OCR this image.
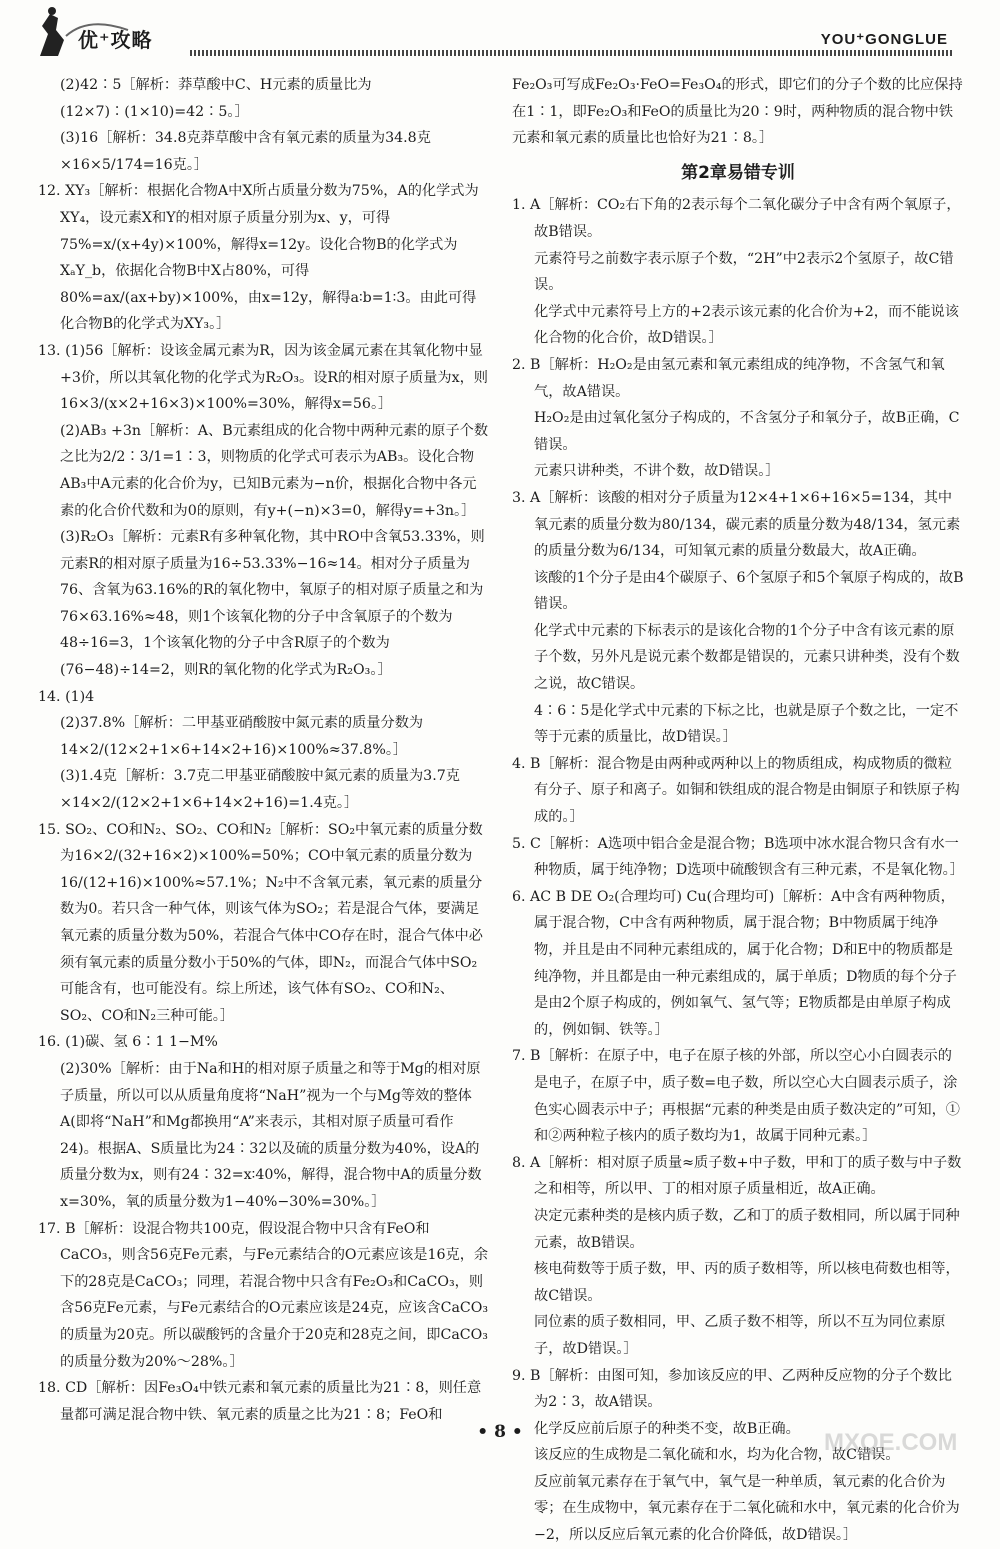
优⁺攻略	YOU⁺GONGLUE

(2)42∶5［解析：莽草酸中C、H元素的质量比为(12×7)∶(1×10)=42∶5。］

(3)16［解析：34.8克莽草酸中含有氧元素的质量为34.8克×16×5/174=16克。］

12. XY₃［解析：根据化合物A中X所占质量分数为75%，A的化学式为XY₄，设元素X和Y的相对原子质量分别为x、y，可得75%=x/(x+4y)×100%，解得x=12y。设化合物B的化学式为XₐY_b，依据化合物B中X占80%，可得80%=ax/(ax+by)×100%，由x=12y，解得a∶b=1∶3。由此可得化合物B的化学式为XY₃。］

13. (1)56［解析：设该金属元素为R，因为该金属元素在其氧化物中显+3价，所以其氧化物的化学式为R₂O₃。设R的相对原子质量为x，则16×3/(x×2+16×3)×100%=30%，解得x=56。］

(2)AB₃ +3n［解析：A、B元素组成的化合物中两种元素的原子个数之比为2/2∶3/1=1∶3，则物质的化学式可表示为AB₃。设化合物AB₃中A元素的化合价为y，已知B元素为−n价，根据化合物中各元素的化合价代数和为0的原则，有y+(−n)×3=0，解得y=+3n。］

(3)R₂O₃［解析：元素R有多种氧化物，其中RO中含氧53.33%，则元素R的相对原子质量为16÷53.33%−16≈14。相对分子质量为76、含氧为63.16%的R的氧化物中，氧原子的相对原子质量之和为76×63.16%≈48，则1个该氧化物的分子中含氧原子的个数为48÷16=3，1个该氧化物的分子中含R原子的个数为(76−48)÷14=2，则R的氧化物的化学式为R₂O₃。］

14. (1)4

(2)37.8%［解析：二甲基亚硝酸胺中氮元素的质量分数为14×2/(12×2+1×6+14×2+16)×100%≈37.8%。］

(3)1.4克［解析：3.7克二甲基亚硝酸胺中氮元素的质量为3.7克×14×2/(12×2+1×6+14×2+16)=1.4克。］

15. SO₂、CO和N₂、SO₂、CO和N₂［解析：SO₂中氧元素的质量分数为16×2/(32+16×2)×100%=50%；CO中氧元素的质量分数为16/(12+16)×100%≈57.1%；N₂中不含氧元素，氧元素的质量分数为0。若只含一种气体，则该气体为SO₂；若是混合气体，要满足氧元素的质量分数为50%，若混合气体中CO存在时，混合气体中必须有氧元素的质量分数小于50%的气体，即N₂，而混合气体中SO₂可能含有，也可能没有。综上所述，该气体有SO₂、CO和N₂、SO₂、CO和N₂三种可能。］

16. (1)碳、氢 6∶1 1−M%

(2)30%［解析：由于Na和H的相对原子质量之和等于Mg的相对原子质量，所以可以从质量角度将“NaH”视为一个与Mg等效的整体A(即将“NaH”和Mg都换用“A”来表示，其相对原子质量可看作24)。根据A、S质量比为24∶32以及硫的质量分数为40%，设A的质量分数为x，则有24∶32=x∶40%，解得，混合物中A的质量分数x=30%，氧的质量分数为1−40%−30%=30%。］

17. B［解析：设混合物共100克，假设混合物中只含有FeO和CaCO₃，则含56克Fe元素，与Fe元素结合的O元素应该是16克，余下的28克是CaCO₃；同理，若混合物中只含有Fe₂O₃和CaCO₃，则含56克Fe元素，与Fe元素结合的O元素应该是24克，应该含CaCO₃的质量为20克。所以碳酸钙的含量介于20克和28克之间，即CaCO₃的质量分数为20%～28%。］

18. CD［解析：因Fe₃O₄中铁元素和氧元素的质量比为21∶8，则任意量都可满足混合物中铁、氧元素的质量之比为21∶8；FeO和

Fe₂O₃可写成Fe₂O₃·FeO=Fe₃O₄的形式，即它们的分子个数的比应保持在1∶1，即Fe₂O₃和FeO的质量比为20∶9时，两种物质的混合物中铁元素和氧元素的质量比也恰好为21∶8。］

第2章易错专训

1. A［解析：CO₂右下角的2表示每个二氧化碳分子中含有两个氧原子，故B错误。

元素符号之前数字表示原子个数，“2H”中2表示2个氢原子，故C错误。

化学式中元素符号上方的+2表示该元素的化合价为+2，而不能说该化合物的化合价，故D错误。］

2. B［解析：H₂O₂是由氢元素和氧元素组成的纯净物，不含氢气和氧气，故A错误。

H₂O₂是由过氧化氢分子构成的，不含氢分子和氧分子，故B正确，C错误。

元素只讲种类，不讲个数，故D错误。］

3. A［解析：该酸的相对分子质量为12×4+1×6+16×5=134，其中氧元素的质量分数为80/134，碳元素的质量分数为48/134，氢元素的质量分数为6/134，可知氧元素的质量分数最大，故A正确。

该酸的1个分子是由4个碳原子、6个氢原子和5个氧原子构成的，故B错误。

化学式中元素的下标表示的是该化合物的1个分子中含有该元素的原子个数，另外凡是说元素个数都是错误的，元素只讲种类，没有个数之说，故C错误。

4∶6∶5是化学式中元素的下标之比，也就是原子个数之比，一定不等于元素的质量比，故D错误。］

4. B［解析：混合物是由两种或两种以上的物质组成，构成物质的微粒有分子、原子和离子。如铜和铁组成的混合物是由铜原子和铁原子构成的。］

5. C［解析：A选项中铝合金是混合物；B选项中冰水混合物只含有水一种物质，属于纯净物；D选项中硫酸钡含有三种元素，不是氧化物。］

6. AC B DE O₂(合理均可) Cu(合理均可)［解析：A中含有两种物质，属于混合物，C中含有两种物质，属于混合物；B中物质属于纯净物，并且是由不同种元素组成的，属于化合物；D和E中的物质都是纯净物，并且都是由一种元素组成的，属于单质；D物质的每个分子是由2个原子构成的，例如氧气、氢气等；E物质都是由单原子构成的，例如铜、铁等。］

7. B［解析：在原子中，电子在原子核的外部，所以空心小白圆表示的是电子，在原子中，质子数=电子数，所以空心大白圆表示质子，涂色实心圆表示中子；再根据“元素的种类是由质子数决定的”可知，①和②两种粒子核内的质子数均为1，故属于同种元素。］

8. A［解析：相对原子质量≈质子数+中子数，甲和丁的质子数与中子数之和相等，所以甲、丁的相对原子质量相近，故A正确。

决定元素种类的是核内质子数，乙和丁的质子数相同，所以属于同种元素，故B错误。

核电荷数等于质子数，甲、丙的质子数相等，所以核电荷数也相等，故C错误。

同位素的质子数相同，甲、乙质子数不相等，所以不互为同位素原子，故D错误。］

9. B［解析：由图可知，参加该反应的甲、乙两种反应物的分子个数比为2∶3，故A错误。

化学反应前后原子的种类不变，故B正确。

该反应的生成物是二氧化硫和水，均为化合物，故C错误。

反应前氧元素存在于氧气中，氧气是一种单质，氧元素的化合价为零；在生成物中，氧元素存在于二氧化硫和水中，氧元素的化合价为−2，所以反应后氧元素的化合价降低，故D错误。］

• 8 •	MXQE.COM
